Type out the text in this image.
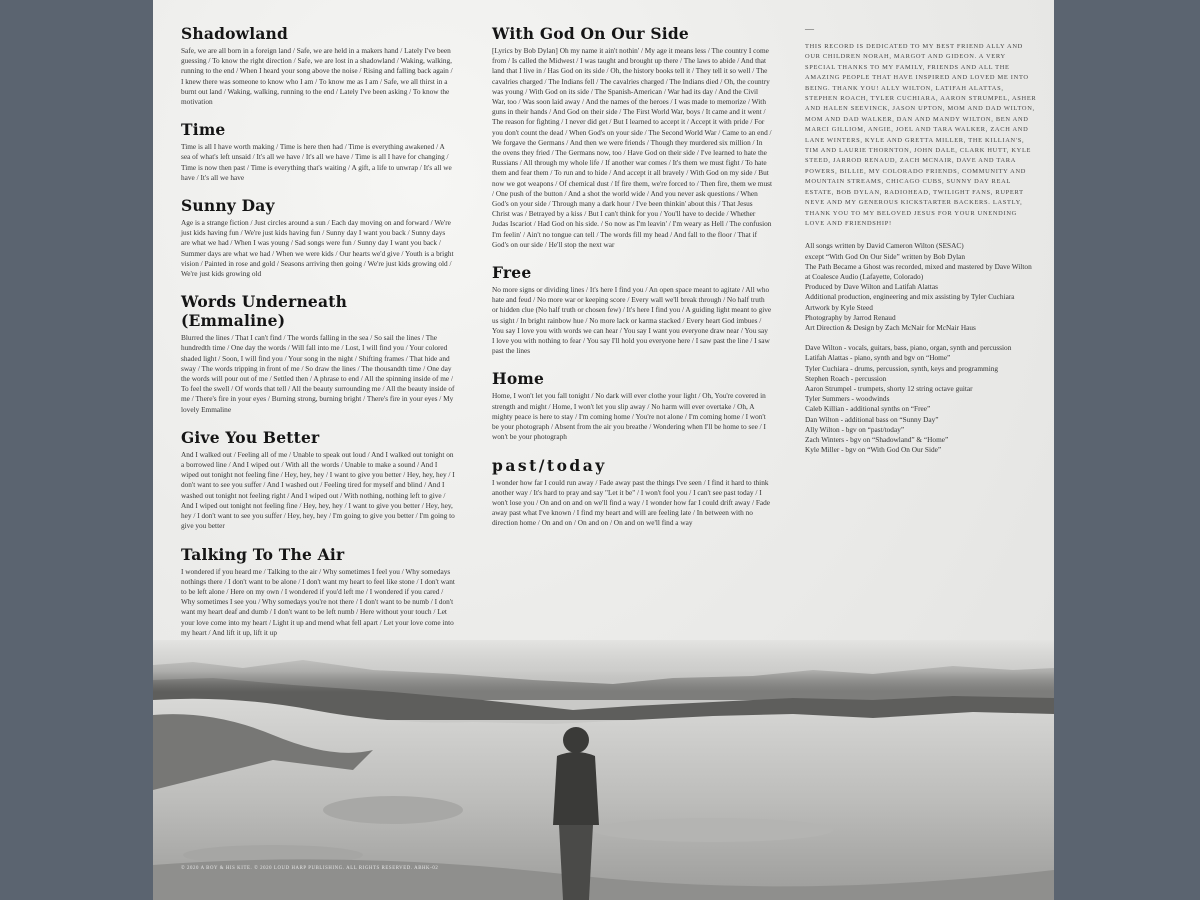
Shadowland

Safe, we are all born in a foreign land / Safe, we are held in a makers hand / Lately I've been guessing / To know the right direction / Safe, we are lost in a shadowland / Waking, walking, running to the end / When I heard your song above the noise / Rising and falling back again / I knew there was someone to know who I am / To know me as I am / Safe, we all thirst in a burnt out land / Waking, walking, running to the end / Lately I've been asking / To know the motivation

Time

Time is all I have worth making / Time is here then had / Time is everything awakened / A sea of what's left unsaid / It's all we have / It's all we have / Time is all I have for changing / Time is now then past / Time is everything that's waiting / A gift, a life to unwrap / It's all we have / It's all we have

Sunny Day

Age is a strange fiction / Just circles around a sun / Each day moving on and forward / We're just kids having fun / We're just kids having fun / Sunny day I want you back / Sunny days are what we had / When I was young / Sad songs were fun / Sunny day I want you back / Summer days are what we had / When we were kids / Our hearts we'd give / Youth is a bright vision / Painted in rose and gold / Seasons arriving then going / We're just kids growing old / We're just kids growing old

Words Underneath (Emmaline)

Blurred the lines / That I can't find / The words falling in the sea / So sail the lines / The hundredth time / One day the words / Will fall into me / Lost, I will find you / Your colored shaded light / Soon, I will find you / Your song in the night / Shifting frames / That hide and sway / The words tripping in front of me / So draw the lines / The thousandth time / One day the words will pour out of me / Settled then / A phrase to end / All the spinning inside of me / To feel the swell / Of words that tell / All the beauty surrounding me / All the beauty inside of me / There's fire in your eyes / Burning strong, burning bright / There's fire in your eyes / My lovely Emmaline

Give You Better

And I walked out / Feeling all of me / Unable to speak out loud / And I walked out tonight on a borrowed line / And I wiped out / With all the words / Unable to make a sound / And I wiped out tonight not feeling fine / Hey, hey, hey / I want to give you better / Hey, hey, hey / I don't want to see you suffer / And I washed out / Feeling tired for myself and blind / And I washed out tonight not feeling right / And I wiped out / With nothing, nothing left to give / And I wiped out tonight not feeling fine / Hey, hey, hey / I want to give you better / Hey, hey, hey / I don't want to see you suffer / Hey, hey, hey / I'm going to give you better / I'm going to give you better

Talking To The Air

I wondered if you heard me / Talking to the air / Why sometimes I feel you / Why somedays nothings there / I don't want to be alone / I don't want my heart to feel like stone / I don't want to be left alone / Here on my own / I wondered if you'd left me / I wondered if you cared / Why sometimes I see you / Why somedays you're not there / I don't want to be numb / I don't want my heart deaf and dumb / I don't want to be left numb / Here without your touch / Let your love come into my heart / Light it up and mend what fell apart / Let your love come into my heart / And lift it up, lift it up

With God On Our Side

[Lyrics by Bob Dylan] Oh my name it ain't nothin' / My age it means less / The country I come from / Is called the Midwest / I was taught and brought up there / The laws to abide / And that land that I live in / Has God on its side / Oh, the history books tell it / They tell it so well / The cavalries charged / The Indians fell / The cavalries charged / The Indians died / Oh, the country was young / With God on its side / The Spanish-American / War had its day / And the Civil War, too / Was soon laid away / And the names of the heroes / I was made to memorize / With guns in their hands / And God on their side / The First World War, boys / It came and it went / The reason for fighting / I never did get / But I learned to accept it / Accept it with pride / For you don't count the dead / When God's on your side / The Second World War / Came to an end / We forgave the Germans / And then we were friends / Though they murdered six million / In the ovens they fried / The Germans now, too / Have God on their side / I've learned to hate the Russians / All through my whole life / If another war comes / It's them we must fight / To hate them and fear them / To run and to hide / And accept it all bravely / With God on my side / But now we got weapons / Of chemical dust / If fire them, we're forced to / Then fire, them we must / One push of the button / And a shot the world wide / And you never ask questions / When God's on your side / Through many a dark hour / I've been thinkin' about this / That Jesus Christ was / Betrayed by a kiss / But I can't think for you / You'll have to decide / Whether Judas Iscariot / Had God on his side. / So now as I'm leavin' / I'm weary as Hell / The confusion I'm feelin' / Ain't no tongue can tell / The words fill my head / And fall to the floor / That if God's on our side / He'll stop the next war

Free

No more signs or dividing lines / It's here I find you / An open space meant to agitate / All who hate and feud / No more war or keeping score / Every wall we'll break through / No half truth or hidden clue (No half truth or chosen few) / It's here I find you / A guiding light meant to give us sight / In bright rainbow hue / No more lack or karma stacked / Every heart God imbues / You say I love you with words we can hear / You say I want you everyone draw near / You say I love you with nothing to fear / You say I'll hold you everyone here / I saw past the line / I saw past the lines

Home

Home, I won't let you fall tonight / No dark will ever clothe your light / Oh, You're covered in strength and might / Home, I won't let you slip away / No harm will ever overtake / Oh, A mighty peace is here to stay / I'm coming home / You're not alone / I'm coming home / I won't be your photograph / Absent from the air you breathe / Wondering when I'll be home to see / I won't be your photograph

past/today

I wonder how far I could run away / Fade away past the things I've seen / I find it hard to think another way / It's hard to pray and say "Let it be" / I won't fool you / I can't see past today / I won't lose you / On and on and on we'll find a way / I wonder how far I could drift away / Fade away past what I've known / I find my heart and will are feeling late / In between with no direction home / On and on / On and on / On and on we'll find a way

—

THIS RECORD IS DEDICATED TO MY BEST FRIEND ALLY AND OUR CHILDREN NORAH, MARGOT AND GIDEON. A VERY SPECIAL THANKS TO MY FAMILY, FRIENDS AND ALL THE AMAZING PEOPLE THAT HAVE INSPIRED AND LOVED ME INTO BEING. THANK YOU! ALLY WILTON, LATIFAH ALATTAS, STEPHEN ROACH, TYLER CUCHIARA, AARON STRUMPEL, ASHER AND HALEN SEEVINCK, JASON UPTON, MOM AND DAD WILTON, MOM AND DAD WALKER, DAN AND MANDY WILTON, BEN AND MARCI GILLIOM, ANGIE, JOEL AND TARA WALKER, ZACH AND LANE WINTERS, KYLE AND GRETTA MILLER, THE KILLIAN'S, TIM AND LAURIE THORNTON, JOHN DALE, CLARK HUTT, KYLE STEED, JARROD RENAUD, ZACH MCNAIR, DAVE AND TARA POWERS, BILLIE, MY COLORADO FRIENDS, COMMUNITY AND MOUNTAIN STREAMS, CHICAGO CUBS, SUNNY DAY REAL ESTATE, BOB DYLAN, RADIOHEAD, TWILIGHT FANS, RUPERT NEVE AND MY GENEROUS KICKSTARTER BACKERS. LASTLY, THANK YOU TO MY BELOVED JESUS FOR YOUR UNENDING LOVE AND FRIENDSHIP!

All songs written by David Cameron Wilton (SESAC)
except “With God On Our Side” written by Bob Dylan
The Path Became a Ghost was recorded, mixed and mastered by Dave Wilton at Coalesce Audio (Lafayette, Colorado)
Produced by Dave Wilton and Latifah Alattas
Additional production, engineering and mix assisting by Tyler Cuchiara
Artwork by Kyle Steed
Photography by Jarrod Renaud
Art Direction & Design by Zach McNair for McNair Haus
Dave Wilton - vocals, guitars, bass, piano, organ, synth and percussion
Latifah Alattas - piano, synth and bgv on “Home”
Tyler Cuchiara - drums, percussion, synth, keys and programming
Stephen Roach - percussion
Aaron Strumpel - trumpets, shorty 12 string octave guitar
Tyler Summers - woodwinds
Caleb Killian - additional synths on “Free”
Dan Wilton - additional bass on “Sunny Day”
Ally Wilton - bgv on “past/today”
Zach Winters - bgv on “Shadowland” & “Home”
Kyle Miller - bgv on “With God On Our Side”
© 2020 A BOY & HIS KITE. © 2020 LOUD HARP PUBLISHING. ALL RIGHTS RESERVED. ABHK-02
